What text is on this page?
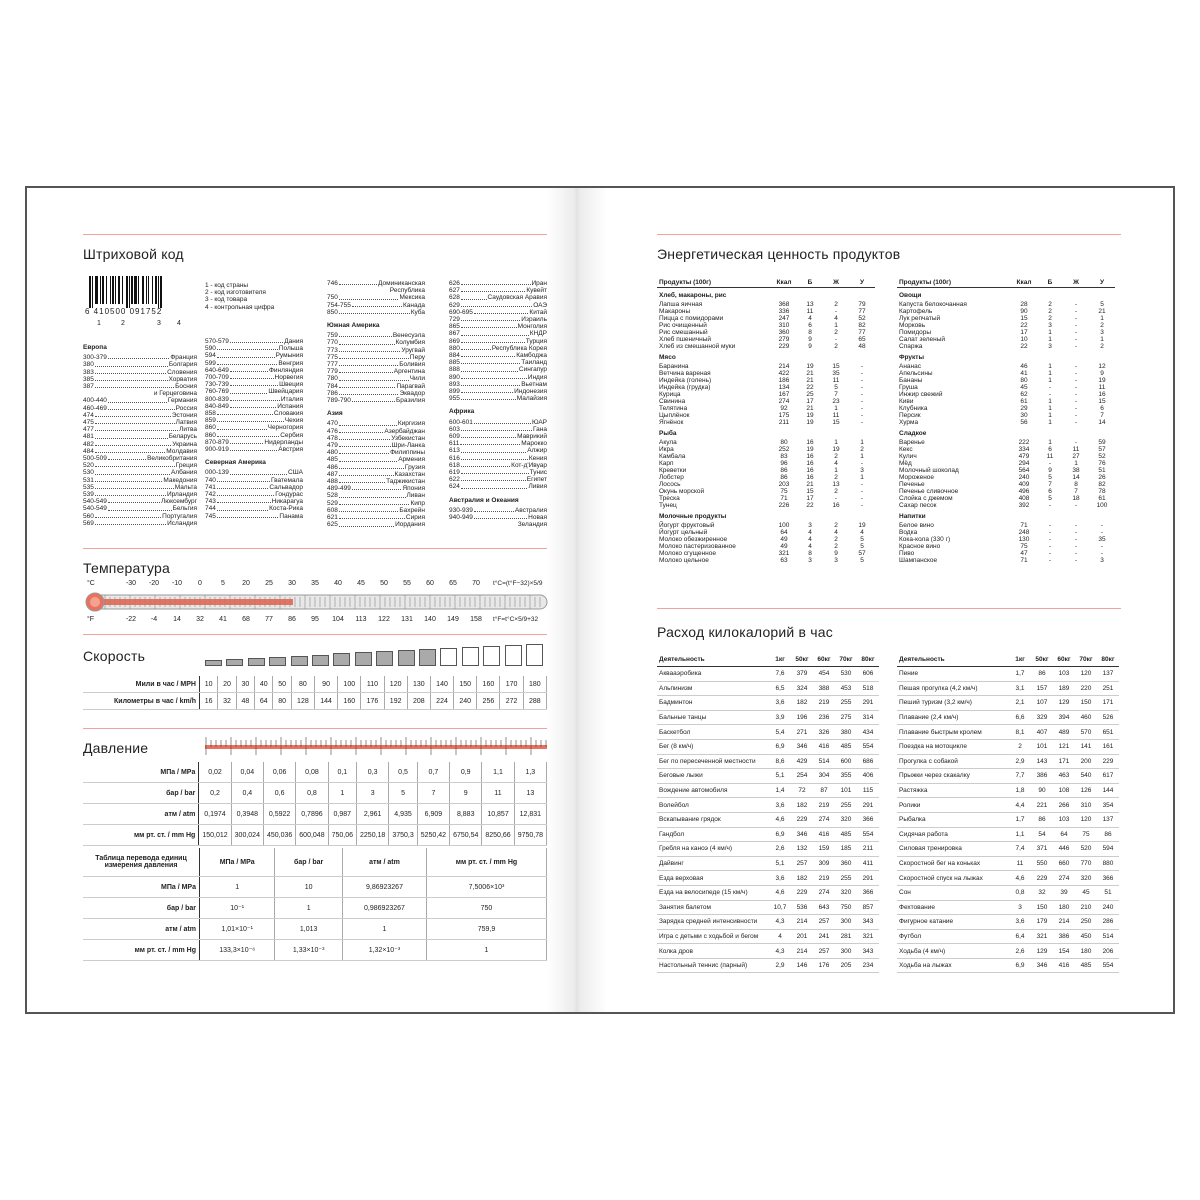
Штриховой код
6 410500 091752
1	2	3 4
1 - код страны
2 - код изготовителя
3 - код товара
4 - контрольная цифра
Европа
300-379	Франция
380	Болгария
383	Словения
385	Хорватия
387	Босния
и Герцеговина
400-440	Германия
460-469	Россия
474	Эстония
475	Латвия
477	Литва
481	Беларусь
482	Украина
484	Молдавия
500-509	Великобритания
520	Греция
530	Албания
531	Македония
535	Мальта
539	Ирландия
540-549	Люксембург
540-549	Бельгия
560	Португалия
569	Исландия
570-579	Дания
590	Польша
594	Румыния
599	Венгрия
640-649	Финляндия
700-709	Норвегия
730-739	Швеция
760-769	Швейцария
800-839	Италия
840-849	Испания
858	Словакия
859	Чехия
860	Черногория
860	Сербия
870-879	Нидерланды
900-919	Австрия
Северная Америка
000-139	США
740	Гватемала
741	Сальвадор
742	Гондурас
743	Никарагуа
744	Коста-Рика
745	Панама
746	Доминиканская
Республика
750	Мексика
754-755	Канада
850	Куба
Южная Америка
759	Венесуэла
770	Колумбия
773	Уругвай
775	Перу
777	Боливия
779	Аргентина
780	Чили
784	Парагвай
786	Эквадор
789-790	Бразилия
Азия
470	Киргизия
476	Азербайджан
478	Узбекистан
479	Шри-Ланка
480	Филиппины
485	Армения
486	Грузия
487	Казахстан
488	Таджикистан
489-499	Япония
528	Ливан
529	Кипр
608	Бахрейн
621	Сирия
625	Иордания
626	Иран
627	Кувейт
628	Саудовская Аравия
629	ОАЭ
690-695	Китай
729	Израиль
865	Монголия
867	КНДР
869	Турция
880	Республика Корея
884	Камбоджа
885	Таиланд
888	Сингапур
890	Индия
893	Вьетнам
899	Индонезия
955	Малайзия
Африка
600-601	ЮАР
603	Гана
609	Маврикий
611	Марокко
613	Алжир
616	Кения
618	Кот-д'Ивуар
619	Тунис
622	Египет
624	Ливия
Австралия и Океания
930-939	Австралия
940-949	Новая
Зеландия
Температура
°C	-30	-20	-10	0	5	20	25	30	35	40	45	50	55	60	65	70	t°C=(t°F−32)×5/9
°F	-22	-4	14	32	41	68	77	86	95	104	113	122	131	140	149	158	t°F=t°C×5/9+32
Скорость
Мили в час / MPH	10	20	30	40	50	80	90	100	110	120	130	140	150	160	170	180
Километры в час / km/h	16	32	48	64	80	128	144	160	176	192	208	224	240	256	272	288
Давление
МПа / MPa	0,02	0,04	0,06	0,08	0,1	0,3	0,5	0,7	0,9	1,1	1,3
бар / bar	0,2	0,4	0,6	0,8	1	3	5	7	9	11	13
атм / atm	0,1974	0,3948	0,5922	0,7896	0,987	2,961	4,935	6,909	8,883	10,857	12,831
мм рт. ст. / mm Hg	150,012	300,024	450,036	600,048	750,06	2250,18	3750,3	5250,42	6750,54	8250,66	9750,78
Таблица перевода единиц измерения давления	МПа / MPa	бар / bar	атм / atm	мм рт. ст. / mm Hg
МПа / MPa	1	10	9,86923267	7,5006×10³
бар / bar	10⁻¹	1	0,986923267	750
атм / atm	1,01×10⁻¹	1,013	1	759,9
мм рт. ст. / mm Hg	133,3×10⁻⁶	1,33×10⁻³	1,32×10⁻³	1
Энергетическая ценность продуктов
Продукты (100г)	Ккал	Б	Ж	У
Хлеб, макароны, рис				
Лапша яичная	368	13	2	79
Макароны	336	11	-	77
Пицца с помидорами	247	4	4	52
Рис очищенный	310	6	1	82
Рис смешанный	360	8	2	77
Хлеб пшеничный	279	9	-	65
Хлеб из смешанной муки	229	9	2	48
Мясо				
Баранина	214	19	15	-
Ветчина вареная	422	21	35	-
Индейка (голень)	186	21	11	-
Индейка (грудка)	134	22	5	-
Курица	167	25	7	-
Свинина	274	17	23	-
Телятина	92	21	1	-
Цыплёнок	175	19	11	-
Ягнёнок	211	19	15	-
Рыба				
Акула	80	16	1	1
Икра	252	19	19	2
Камбала	83	16	2	1
Карп	96	16	4	-
Креветки	86	16	1	3
Лобстер	86	16	2	1
Лосось	203	21	13	-
Окунь морской	75	15	2	-
Треска	71	17	-	-
Тунец	226	22	16	-
Молочные продукты				
Йогурт фруктовый	100	3	2	19
Йогурт цельный	64	4	4	4
Молоко обезжиренное	49	4	2	5
Молоко пастеризованное	49	4	2	5
Молоко сгущенное	321	8	9	57
Молоко цельное	63	3	3	5
Продукты (100г)	Ккал	Б	Ж	У
Овощи				
Капуста белокочанная	28	2	-	5
Картофель	90	2	-	21
Лук репчатый	15	2	-	1
Морковь	22	3	-	2
Помидоры	17	1	-	3
Салат зеленый	10	1	-	1
Спаржа	22	3	-	2
Фрукты				
Ананас	46	1	-	12
Апельсины	41	1	-	9
Бананы	80	1	-	19
Груша	45	-	-	11
Инжир свежий	62	-	-	16
Киви	61	1	-	15
Клубника	29	1	-	6
Персик	30	1	-	7
Хурма	56	1	-	14
Сладкое				
Варенье	222	1	-	59
Кекс	334	6	11	57
Кулич	479	11	27	52
Мёд	294	-	1	76
Молочный шоколад	564	9	38	51
Мороженое	240	5	14	26
Печенье	409	7	8	82
Печенье сливочное	496	6	7	78
Слойка с джемом	408	5	18	61
Сахар песок	392	-	-	100
Напитки				
Белое вино	71	-	-	-
Водка	248	-	-	-
Кока-кола (330 г)	130	-	-	35
Красное вино	75	-	-	-
Пиво	47	-	-	-
Шампанское	71	-	-	3
Расход килокалорий в час
Деятельность	1кг	50кг	60кг	70кг	80кг
Аквааэробика	7,6	379	454	530	606
Альпинизм	6,5	324	388	453	518
Бадминтон	3,6	182	219	255	291
Бальные танцы	3,9	196	236	275	314
Баскетбол	5,4	271	326	380	434
Бег (8 км/ч)	6,9	346	416	485	554
Бег по пересеченной местности	8,6	429	514	600	686
Беговые лыжи	5,1	254	304	355	406
Вождение автомобиля	1,4	72	87	101	115
Волейбол	3,6	182	219	255	291
Вскапывание грядок	4,6	229	274	320	366
Гандбол	6,9	346	416	485	554
Гребля на каноэ (4 км/ч)	2,6	132	159	185	211
Дайвинг	5,1	257	309	360	411
Езда верховая	3,6	182	219	255	291
Езда на велосипеде (15 км/ч)	4,6	229	274	320	366
Занятия балетом	10,7	536	643	750	857
Зарядка средней интенсивности	4,3	214	257	300	343
Игра с детьми с ходьбой и бегом	4	201	241	281	321
Колка дров	4,3	214	257	300	343
Настольный теннис (парный)	2,9	146	176	205	234
Деятельность	1кг	50кг	60кг	70кг	80кг
Пение	1,7	86	103	120	137
Пешая прогулка (4,2 км/ч)	3,1	157	189	220	251
Пеший туризм (3,2 км/ч)	2,1	107	129	150	171
Плавание (2,4 км/ч)	6,6	329	394	460	526
Плавание быстрым кролем	8,1	407	489	570	651
Поездка на мотоцикле	2	101	121	141	161
Прогулка с собакой	2,9	143	171	200	229
Прыжки через скакалку	7,7	386	463	540	617
Растяжка	1,8	90	108	126	144
Ролики	4,4	221	266	310	354
Рыбалка	1,7	86	103	120	137
Сидячая работа	1,1	54	64	75	86
Силовая тренировка	7,4	371	446	520	594
Скоростной бег на коньках	11	550	660	770	880
Скоростной спуск на лыжах	4,6	229	274	320	366
Сон	0,8	32	39	45	51
Фехтование	3	150	180	210	240
Фигурное катание	3,6	179	214	250	286
Футбол	6,4	321	386	450	514
Ходьба (4 км/ч)	2,6	129	154	180	206
Ходьба на лыжах	6,9	346	416	485	554
